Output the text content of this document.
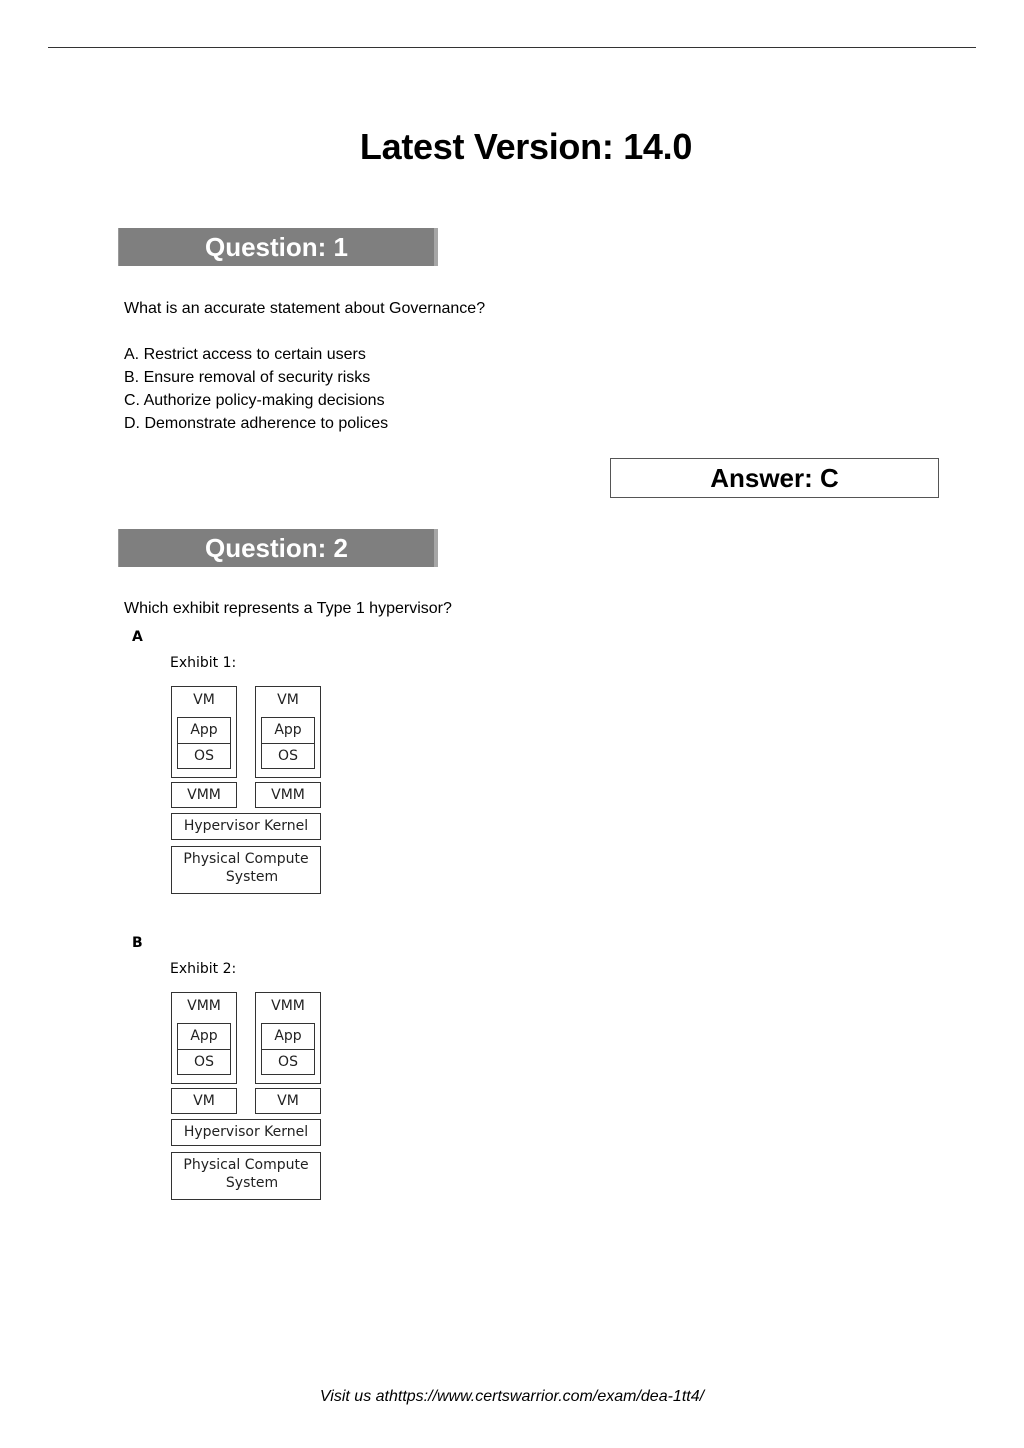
Latest Version: 14.0
Question: 1
What is an accurate statement about Governance?
A. Restrict access to certain users
B. Ensure removal of security risks
C. Authorize policy-making decisions
D. Demonstrate adherence to polices
Answer: C
Question: 2
Which exhibit represents a Type 1 hypervisor?
A
Exhibit 1:
VM
App
OS
VM
App
OS
VMM	VMM
Hypervisor Kernel
Physical Compute
System
B
Exhibit 2:
VMM
App
OS
VMM
App
OS
VM	VM
Hypervisor Kernel
Physical Compute
System
Visit us athttps://www.certswarrior.com/exam/dea-1tt4/
